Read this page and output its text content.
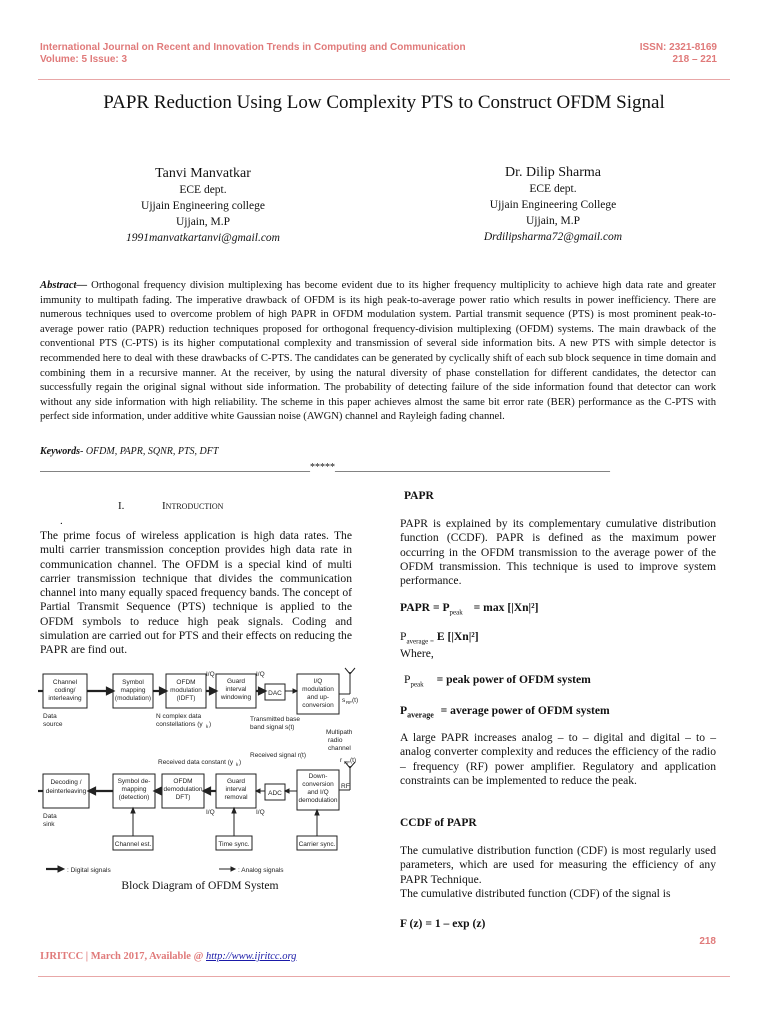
International Journal on Recent and Innovation Trends in Computing and Communication
Volume: 5 Issue: 3
ISSN: 2321-8169
218 – 221
PAPR Reduction Using Low Complexity PTS to Construct OFDM Signal
Tanvi Manvatkar
ECE dept.
Ujjain Engineering college
Ujjain, M.P
1991manvatkartanvi@gmail.com
Dr. Dilip Sharma
ECE dept.
Ujjain Engineering College
Ujjain, M.P
Drdilipsharma72@gmail.com
Abstract— Orthogonal frequency division multiplexing has become evident due to its higher frequency multiplicity to achieve high data rate and greater immunity to multipath fading. The imperative drawback of OFDM is its high peak-to-average power ratio which results in power inefficiency. There are numerous techniques used to overcome problem of high PAPR in OFDM modulation system. Partial transmit sequence (PTS) is most prominent peak-to-average power ratio (PAPR) reduction techniques proposed for orthogonal frequency-division multiplexing (OFDM) systems. The main drawback of the conventional PTS (C-PTS) is its higher computational complexity and transmission of several side information bits. A new PTS with simple detector is recommended here to deal with these drawbacks of C-PTS. The candidates can be generated by cyclically shift of each sub block sequence in time domain and combining them in a recursive manner. At the receiver, by using the natural diversity of phase constellation for different candidates, the detector can successfully regain the original signal without side information. The probability of detecting failure of the side information found that detector can work without any side information with high reliability. The scheme in this paper achieves almost the same bit error rate (BER) performance as the C-PTS with perfect side information, under additive white Gaussian noise (AWGN) channel and Rayleigh fading channel.
Keywords- OFDM, PAPR, SQNR, PTS, DFT
______________________________________________________*****_______________________________________________________
I.	Introduction
.
The prime focus of wireless application is high data rates. The multi carrier transmission conception provides high data rate in communication channel. The OFDM is a special kind of multi carrier transmission technique that divides the communication channel into many equally spaced frequency bands. The concept of Partial Transmit Sequence (PTS) technique is applied to the OFDM symbols to reduce high peak signals. Coding and simulation are carried out for PTS and their effects on reducing the PAPR are find out.
Channel
coding/
interleaving
Symbol
mapping
(modulation)
OFDM
modulation
(IDFT)
Guard
interval
windowing
DAC
I/Q
modulation
and up-
conversion
Decoding /
deinterleaving
Symbol de-
mapping
(detection)
OFDM
demodulation
DFT)
Guard
interval
removal
ADC
Down-
conversion
and I/Q
demodulation
Channel est.	Time sync.	Carrier sync.
Data
source
Data
sink
N complex data
constellations (y k )
Transmitted base
band signal s(t)
Received data constant (y k )
Received signal r(t)
Multipath
radio
channel
I/Q	I/Q
I/Q	I/Q
RF
s RF (t)
r RF (t)
: Digital signals	: Analog signals
Block Diagram of OFDM System
PAPR
PAPR is explained by its complementary cumulative distribution function (CCDF). PAPR is defined as the maximum power occurring in the OFDM transmission to the average power of the OFDM transmission. This technique is used to improve system performance.
PAPR = $P_{peak} = \max [|Xn|^2]$
$P_{average =}$ E [|Xn|²]
Where,
$P_{peak}$ = peak power of OFDM system
$P_{average}$ = average power of OFDM system
A large PAPR increases analog – to – digital and digital – to – analog converter complexity and reduces the efficiency of the radio – frequency (RF) power amplifier. Regulatory and application constraints can be implemented to reduce the peak.
CCDF of PAPR
The cumulative distribution function (CDF) is most regularly used parameters, which are used for measuring the efficiency of any PAPR Technique.
The cumulative distributed function (CDF) of the signal is
F (z) = 1 – exp (z)
218
IJRITCC | March 2017, Available @ http://www.ijritcc.org
